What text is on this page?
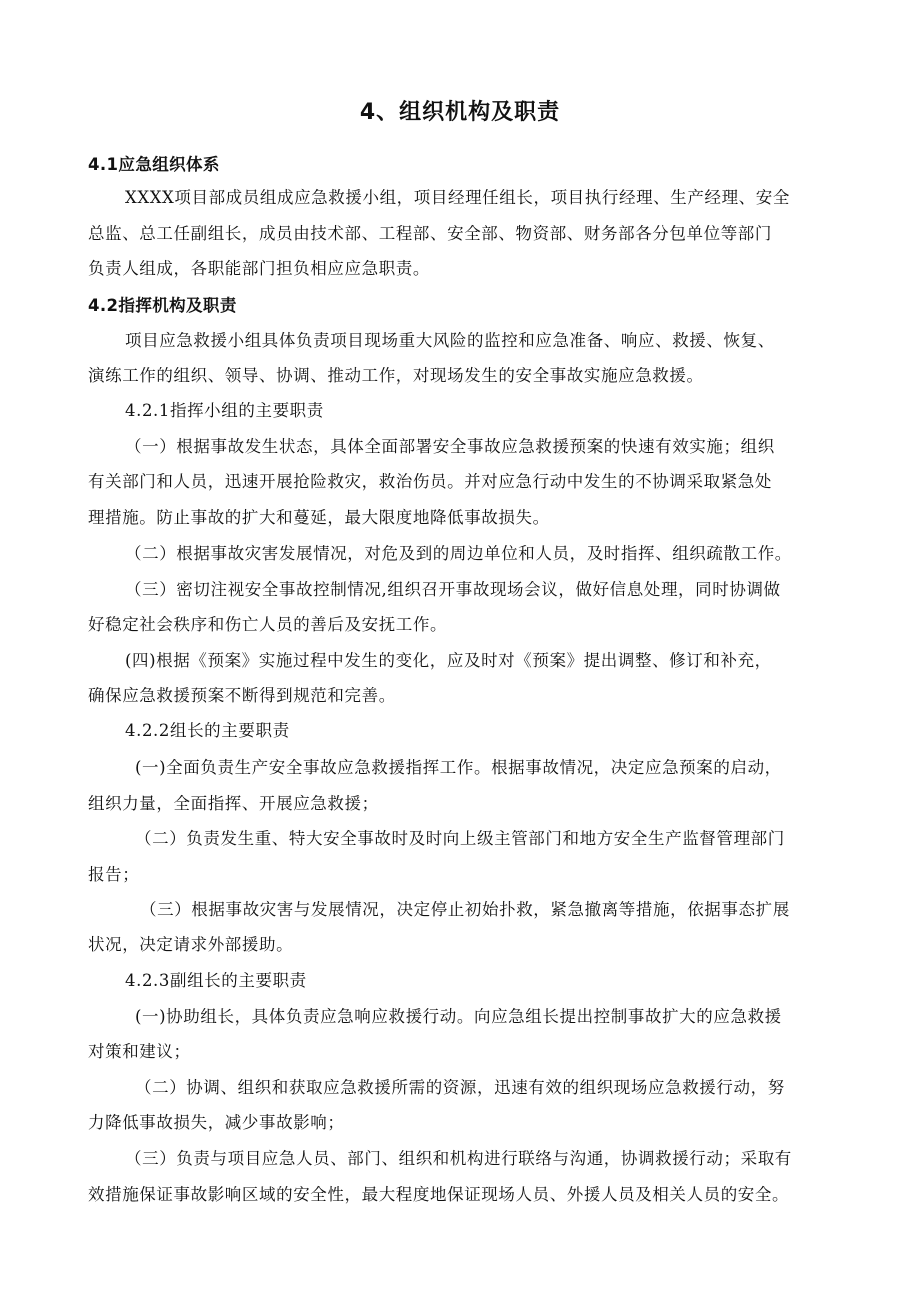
4、组织机构及职责
4.1应急组织体系
XXXX项目部成员组成应急救援小组，项目经理任组长，项目执行经理、生产经理、安全
总监、总工任副组长，成员由技术部、工程部、安全部、物资部、财务部各分包单位等部门
负责人组成，各职能部门担负相应应急职责。
4.2指挥机构及职责
项目应急救援小组具体负责项目现场重大风险的监控和应急准备、响应、救援、恢复、
演练工作的组织、领导、协调、推动工作，对现场发生的安全事故实施应急救援。
4.2.1指挥小组的主要职责
（一）根据事故发生状态，具体全面部署安全事故应急救援预案的快速有效实施；组织
有关部门和人员，迅速开展抢险救灾，救治伤员。并对应急行动中发生的不协调采取紧急处
理措施。防止事故的扩大和蔓延，最大限度地降低事故损失。
（二）根据事故灾害发展情况，对危及到的周边单位和人员，及时指挥、组织疏散工作。
（三）密切注视安全事故控制情况,组织召开事故现场会议，做好信息处理，同时协调做
好稳定社会秩序和伤亡人员的善后及安抚工作。
(四)根据《预案》实施过程中发生的变化，应及时对《预案》提出调整、修订和补充，
确保应急救援预案不断得到规范和完善。
4.2.2组长的主要职责
(一)全面负责生产安全事故应急救援指挥工作。根据事故情况，决定应急预案的启动，
组织力量，全面指挥、开展应急救援；
（二）负责发生重、特大安全事故时及时向上级主管部门和地方安全生产监督管理部门
报告；
（三）根据事故灾害与发展情况，决定停止初始扑救，紧急撤离等措施，依据事态扩展
状况，决定请求外部援助。
4.2.3副组长的主要职责
(一)协助组长，具体负责应急响应救援行动。向应急组长提出控制事故扩大的应急救援
对策和建议；
（二）协调、组织和获取应急救援所需的资源，迅速有效的组织现场应急救援行动，努
力降低事故损失，减少事故影响；
（三）负责与项目应急人员、部门、组织和机构进行联络与沟通，协调救援行动；采取有
效措施保证事故影响区域的安全性，最大程度地保证现场人员、外援人员及相关人员的安全。
